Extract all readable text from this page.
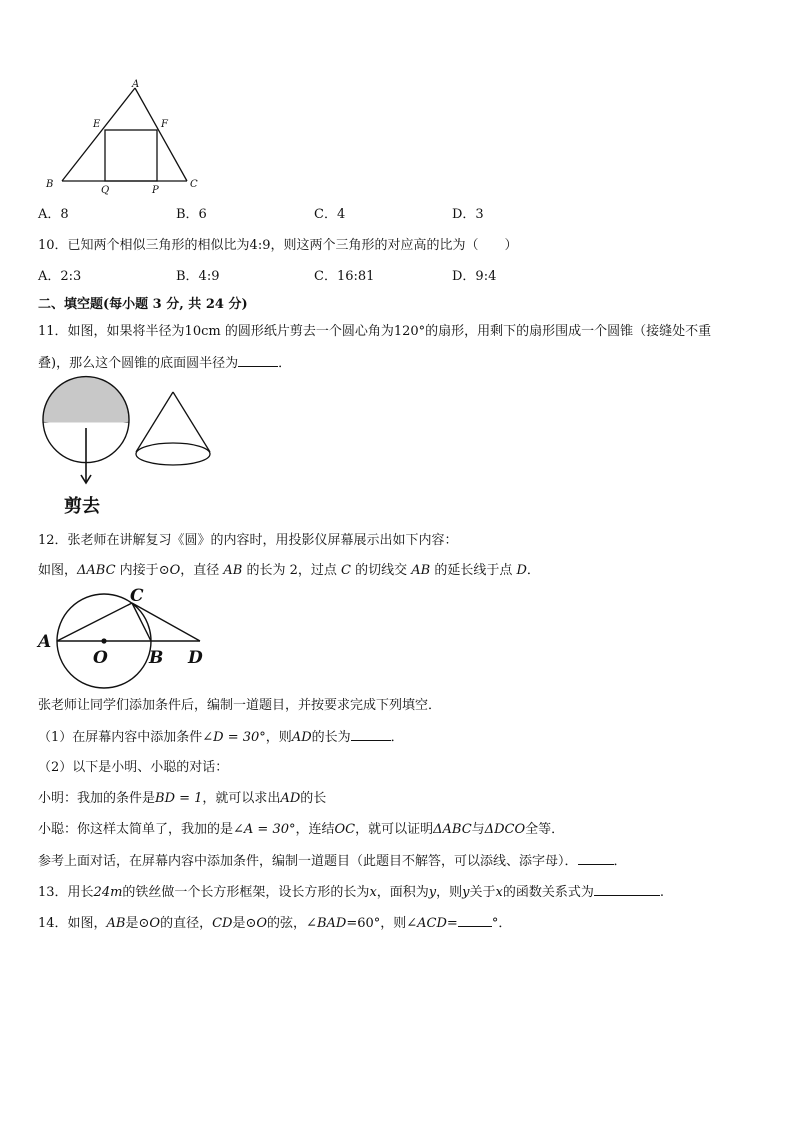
A
E	F
B
Q	P
C
A．8	B．6	C．4	D．3
10．已知两个相似三角形的相似比为4:9，则这两个三角形的对应高的比为（　　）
A．2:3	B．4:9	C．16:81	D．9:4
二、填空题(每小题 3 分, 共 24 分)
11．如图，如果将半径为10cm 的圆形纸片剪去一个圆心角为120°的扇形，用剩下的扇形围成一个圆锥（接缝处不重
叠)，那么这个圆锥的底面圆半径为	．
剪去
12．张老师在讲解复习《圆》的内容时，用投影仪屏幕展示出如下内容：
如图，ΔABC 内接于⊙O，直径 AB 的长为 2，过点 C 的切线交 AB 的延长线于点 D．
A
C
O B D
张老师让同学们添加条件后，编制一道题目，并按要求完成下列填空．
（1）在屏幕内容中添加条件∠D = 30°，则AD的长为	．
（2）以下是小明、小聪的对话：
小明：我加的条件是BD = 1，就可以求出AD的长
小聪：你这样太简单了，我加的是∠A = 30°，连结OC，就可以证明ΔABC与ΔDCO全等．
参考上面对话，在屏幕内容中添加条件，编制一道题目（此题目不解答，可以添线、添字母）．	．
13．用长24m的铁丝做一个长方形框架，设长方形的长为x，面积为y，则y关于x的函数关系式为	.
14．如图，AB是⊙O的直径，CD是⊙O的弦，∠BAD=60°，则∠ACD=	°．
